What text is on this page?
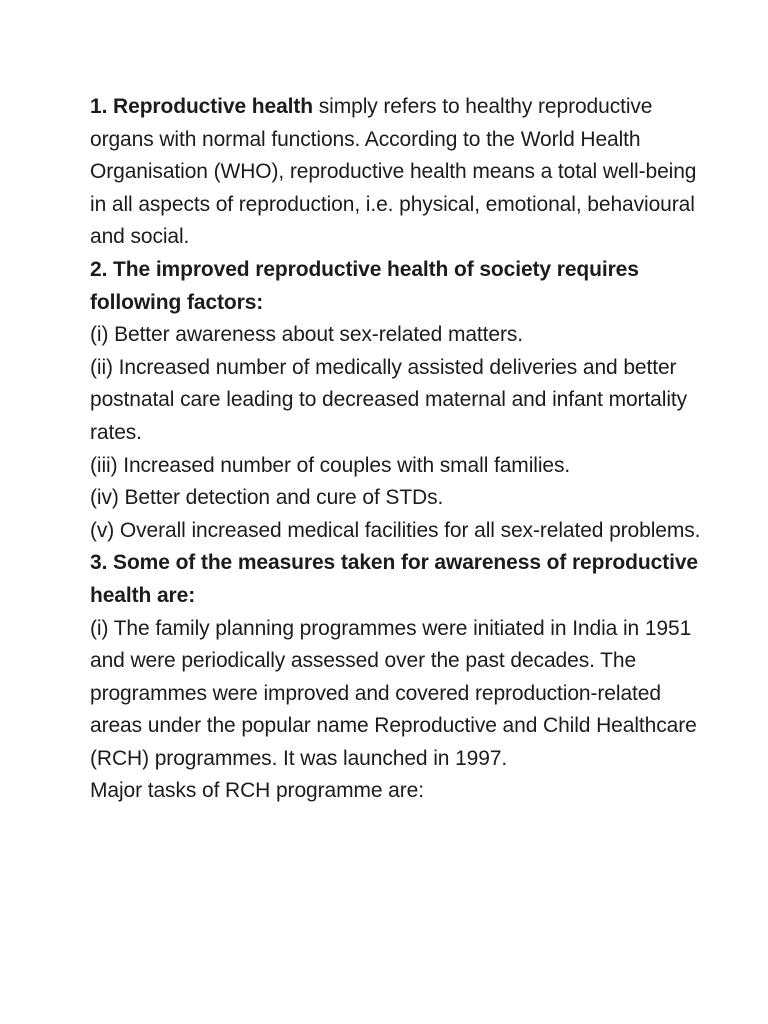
1. Reproductive health simply refers to healthy reproductive organs with normal functions. According to the World Health Organisation (WHO), reproductive health means a total well-being in all aspects of reproduction, i.e. physical, emotional, behavioural and social.

2. The improved reproductive health of society requires following factors:

(i) Better awareness about sex-related matters.

(ii) Increased number of medically assisted deliveries and better postnatal care leading to decreased maternal and infant mortality rates.

(iii) Increased number of couples with small families.

(iv) Better detection and cure of STDs.

(v) Overall increased medical facilities for all sex-related problems.

3. Some of the measures taken for awareness of reproductive health are:

(i) The family planning programmes were initiated in India in 1951 and were periodically assessed over the past decades. The programmes were improved and covered reproduction-related areas under the popular name Reproductive and Child Healthcare (RCH) programmes. It was launched in 1997.

Major tasks of RCH programme are:
